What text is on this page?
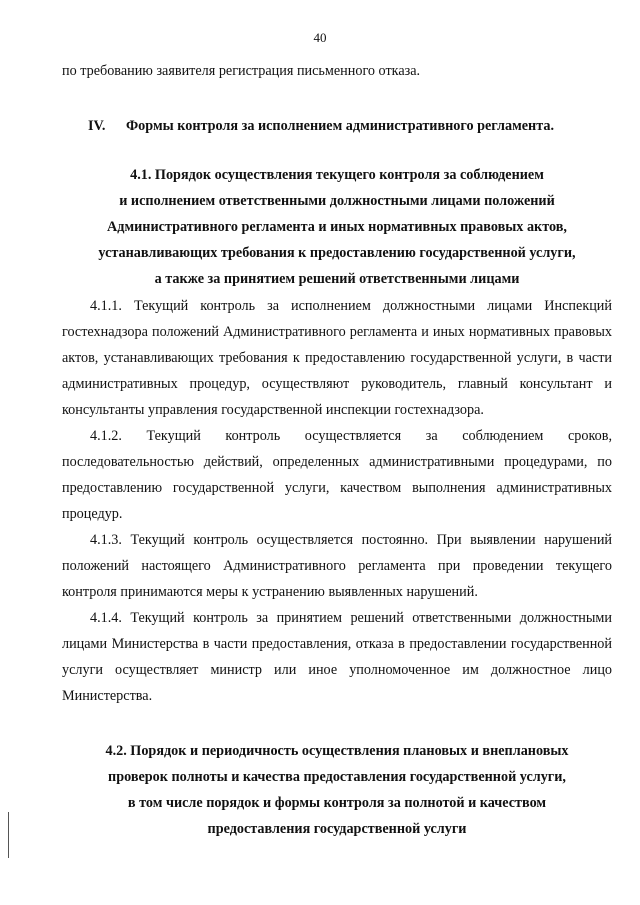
40

по требованию заявителя регистрация письменного отказа.

IV. Формы контроля за исполнением административного регламента.

4.1. Порядок осуществления текущего контроля за соблюдением

и исполнением ответственными должностными лицами положений

Административного регламента и иных нормативных правовых актов,

устанавливающих требования к предоставлению государственной услуги,

а также за принятием решений ответственными лицами

4.1.1. Текущий контроль за исполнением должностными лицами Инспекций гостехнадзора положений Административного регламента и иных нормативных правовых актов, устанавливающих требования к предоставлению государственной услуги, в части административных процедур, осуществляют руководитель, главный консультант и консультанты управления государственной инспекции гостехнадзора.

4.1.2. Текущий контроль осуществляется за соблюдением сроков, последовательностью действий, определенных административными процедурами, по предоставлению государственной услуги, качеством выполнения административных процедур.

4.1.3. Текущий контроль осуществляется постоянно. При выявлении нарушений положений настоящего Административного регламента при проведении текущего контроля принимаются меры к устранению выявленных нарушений.

4.1.4. Текущий контроль за принятием решений ответственными должностными лицами Министерства в части предоставления, отказа в предоставлении государственной услуги осуществляет министр или иное уполномоченное им должностное лицо Министерства.

4.2. Порядок и периодичность осуществления плановых и внеплановых

проверок полноты и качества предоставления государственной услуги,

в том числе порядок и формы контроля за полнотой и качеством

предоставления государственной услуги
